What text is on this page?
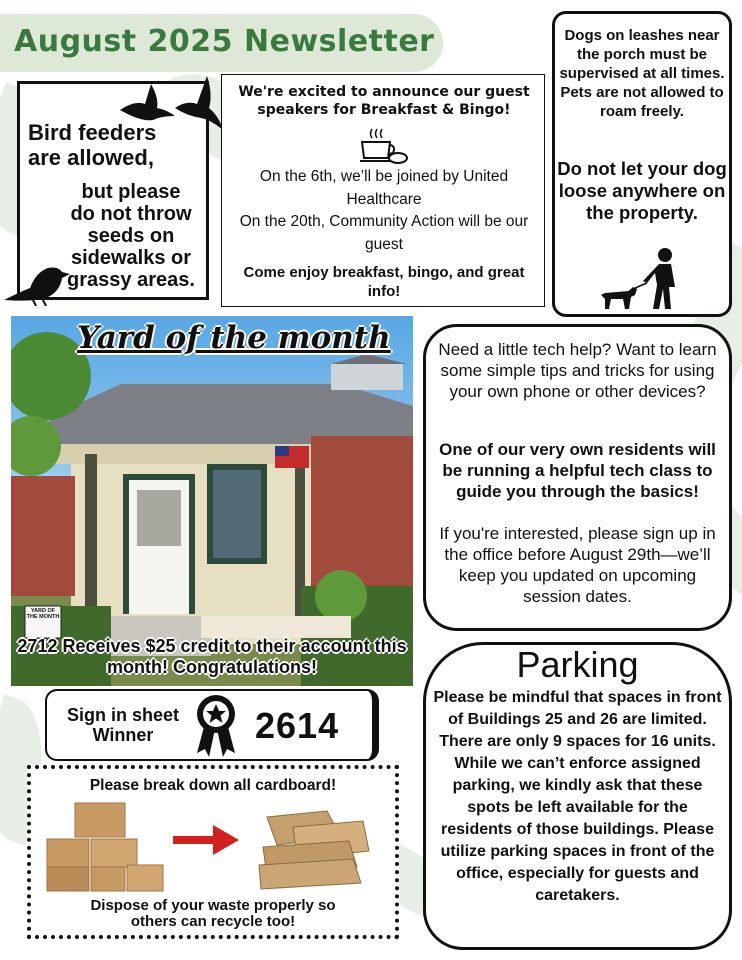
August 2025 Newsletter
Bird feeders
are allowed,
but please
do not throw
seeds on
sidewalks or
grassy areas.
We're excited to announce our guest speakers for Breakfast & Bingo!
On the 6th, we’ll be joined by United Healthcare
On the 20th, Community Action will be our guest
Come enjoy breakfast, bingo, and great info!
Dogs on leashes near the porch must be supervised at all times. Pets are not allowed to roam freely.
Do not let your dog loose anywhere on the property.
YARD OF THE MONTH
Yard of the month
2712 Receives $25 credit to their account this month! Congratulations!
Need a little tech help? Want to learn some simple tips and tricks for using your own phone or other devices?
One of our very own residents will be running a helpful tech class to guide you through the basics!
If you're interested, please sign up in the office before August 29th—we’ll keep you updated on upcoming session dates.
Sign in sheet Winner	2614
Parking
Please be mindful that spaces in front of Buildings 25 and 26 are limited. There are only 9 spaces for 16 units. While we can’t enforce assigned parking, we kindly ask that these spots be left available for the residents of those buildings. Please utilize parking spaces in front of the office, especially for guests and caretakers.
Please break down all cardboard!
Dispose of your waste properly so others can recycle too!
